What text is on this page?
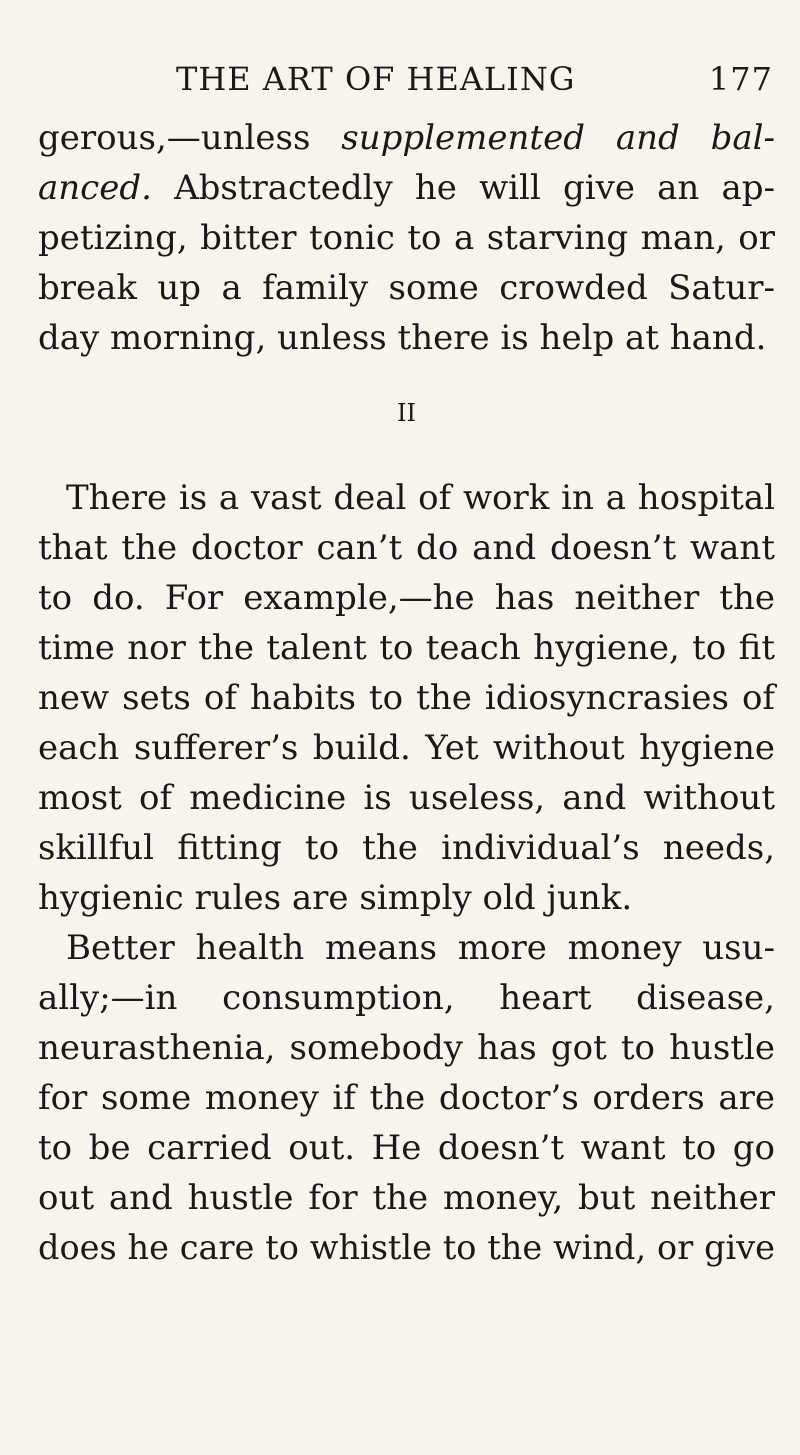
THE ART OF HEALING	177
gerous,—unless supplemented and bal-
anced. Abstractedly he will give an ap-
petizing, bitter tonic to a starving man, or
break up a family some crowded Satur-
day morning, unless there is help at hand.
II
There is a vast deal of work in a hospital
that the doctor can’t do and doesn’t want
to do. For example,—he has neither the
time nor the talent to teach hygiene, to fit
new sets of habits to the idiosyncrasies of
each sufferer’s build. Yet without hygiene
most of medicine is useless, and without
skillful fitting to the individual’s needs,
hygienic rules are simply old junk.
Better health means more money usu-
ally;—in consumption, heart disease,
neurasthenia, somebody has got to hustle
for some money if the doctor’s orders are
to be carried out. He doesn’t want to go
out and hustle for the money, but neither
does he care to whistle to the wind, or give
